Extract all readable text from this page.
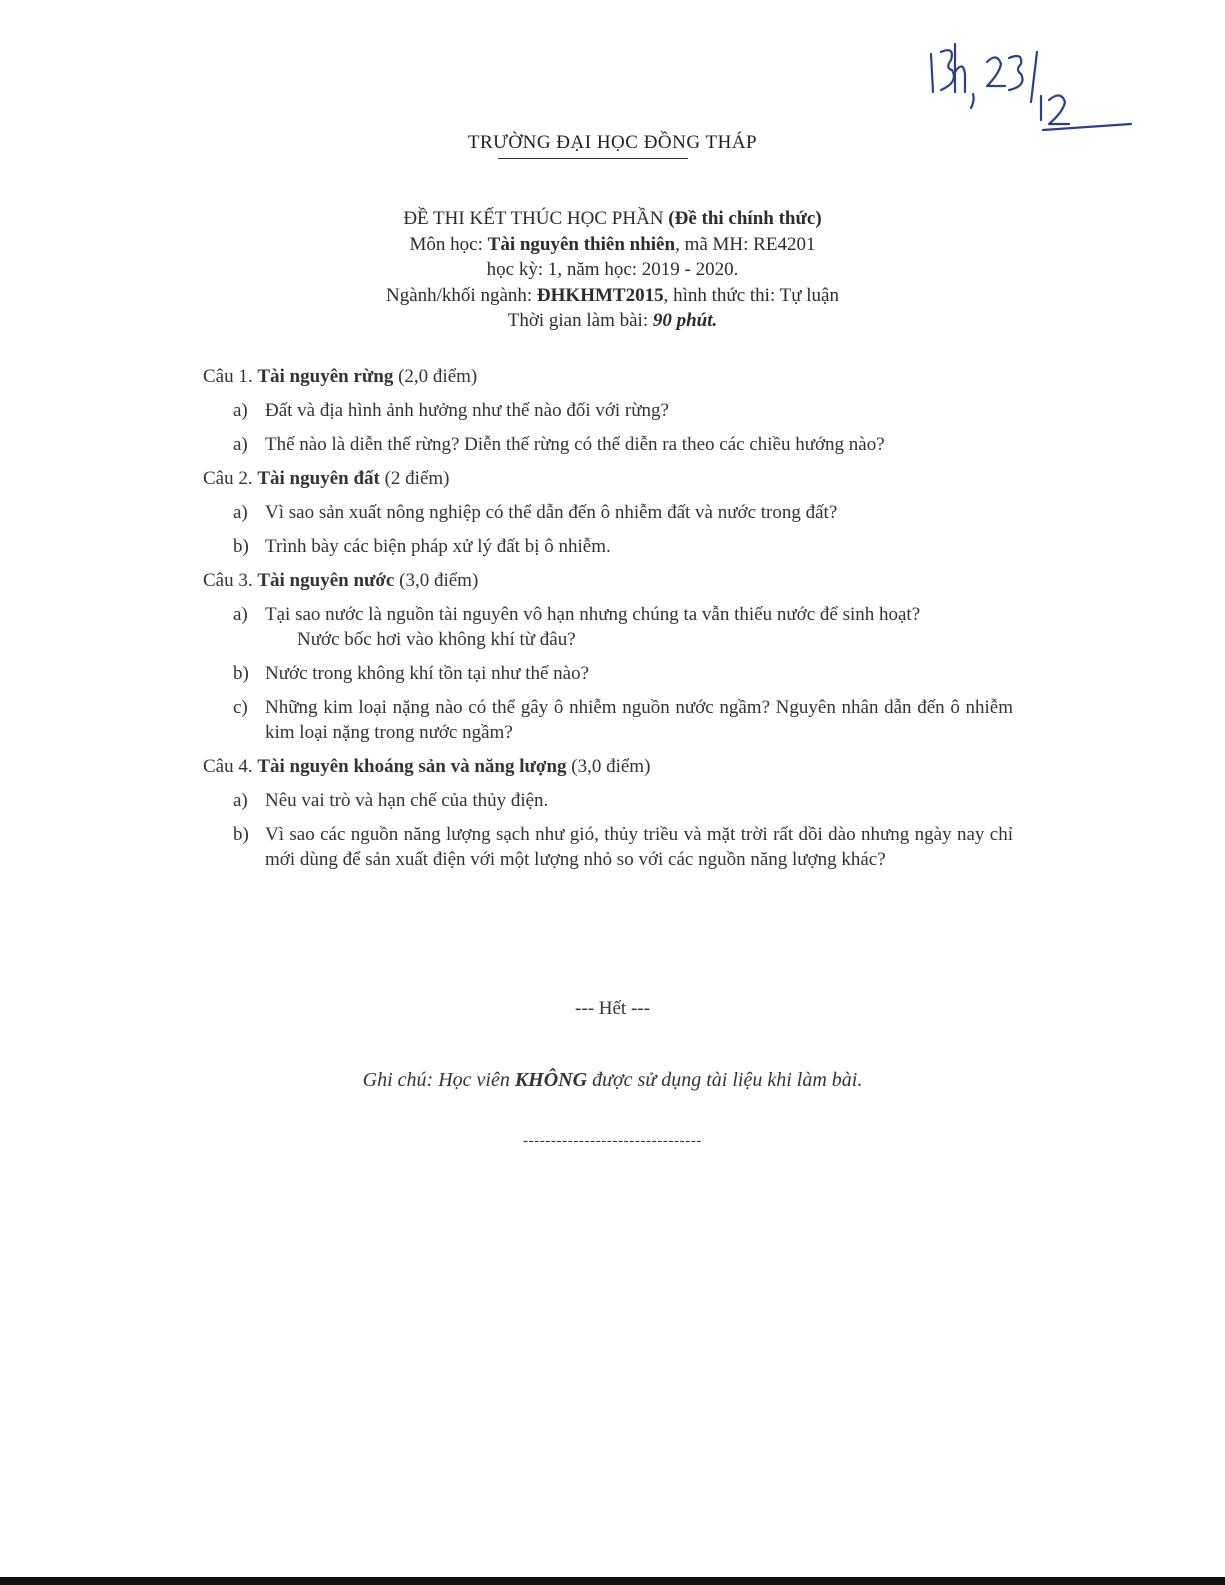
TRƯỜNG ĐẠI HỌC ĐỒNG THÁP
ĐỀ THI KẾT THÚC HỌC PHẦN (Đề thi chính thức)
Môn học: Tài nguyên thiên nhiên, mã MH: RE4201
học kỳ: 1, năm học: 2019 - 2020.
Ngành/khối ngành: ĐHKHMT2015, hình thức thi: Tự luận
Thời gian làm bài: 90 phút.
Câu 1. Tài nguyên rừng (2,0 điểm)
a) Đất và địa hình ảnh hưởng như thế nào đối với rừng?
a) Thế nào là diễn thế rừng? Diễn thế rừng có thể diễn ra theo các chiều hướng nào?
Câu 2. Tài nguyên đất (2 điểm)
a) Vì sao sản xuất nông nghiệp có thể dẫn đến ô nhiễm đất và nước trong đất?
b) Trình bày các biện pháp xử lý đất bị ô nhiễm.
Câu 3. Tài nguyên nước (3,0 điểm)
a) Tại sao nước là nguồn tài nguyên vô hạn nhưng chúng ta vẫn thiếu nước để sinh hoạt?
Nước bốc hơi vào không khí từ đâu?
b) Nước trong không khí tồn tại như thế nào?
c) Những kim loại nặng nào có thể gây ô nhiễm nguồn nước ngầm? Nguyên nhân dẫn đến ô nhiễm kim loại nặng trong nước ngầm?
Câu 4. Tài nguyên khoáng sản và năng lượng (3,0 điểm)
a) Nêu vai trò và hạn chế của thủy điện.
b) Vì sao các nguồn năng lượng sạch như gió, thủy triều và mặt trời rất dồi dào nhưng ngày nay chỉ mới dùng để sản xuất điện với một lượng nhỏ so với các nguồn năng lượng khác?
--- Hết ---
Ghi chú: Học viên KHÔNG được sử dụng tài liệu khi làm bài.
--------------------------------
